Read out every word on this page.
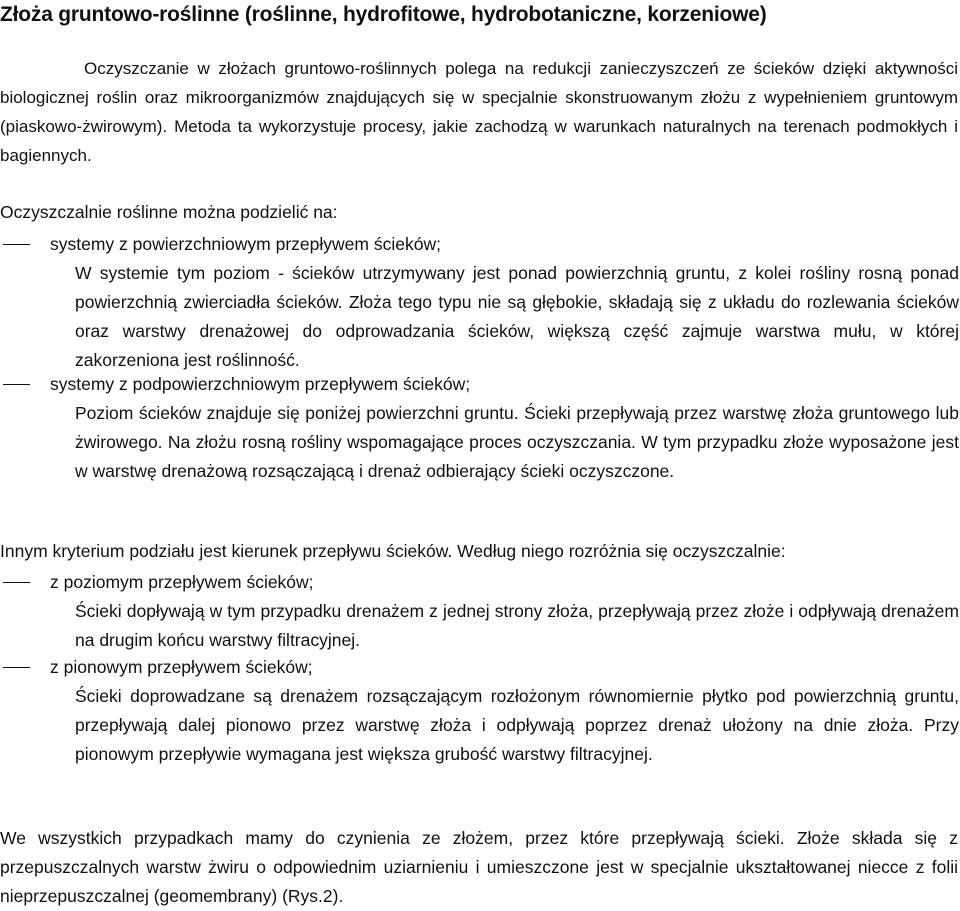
Złoża gruntowo-roślinne (roślinne, hydrofitowe, hydrobotaniczne, korzeniowe)

Oczyszczanie w złożach gruntowo-roślinnych polega na redukcji zanieczyszczeń ze ścieków dzięki aktywności biologicznej roślin oraz mikroorganizmów znajdujących się w specjalnie skonstruowanym złożu z wypełnieniem gruntowym (piaskowo-żwirowym). Metoda ta wykorzystuje procesy, jakie zachodzą w warunkach naturalnych na terenach podmokłych i bagiennych.

Oczyszczalnie roślinne można podzielić na:

systemy z powierzchniowym przepływem ścieków;

W systemie tym poziom - ścieków utrzymywany jest ponad powierzchnią gruntu, z kolei rośliny rosną ponad powierzchnią zwierciadła ścieków. Złoża tego typu nie są głębokie, składają się z układu do rozlewania ścieków oraz warstwy drenażowej do odprowadzania ścieków, większą część zajmuje warstwa mułu, w której zakorzeniona jest roślinność.

systemy z podpowierzchniowym przepływem ścieków;

Poziom ścieków znajduje się poniżej powierzchni gruntu. Ścieki przepływają przez warstwę złoża gruntowego lub żwirowego. Na złożu rosną rośliny wspomagające proces oczyszczania. W tym przypadku złoże wyposażone jest w warstwę drenażową rozsączającą i drenaż odbierający ścieki oczyszczone.

Innym kryterium podziału jest kierunek przepływu ścieków. Według niego rozróżnia się oczyszczalnie:

z poziomym przepływem ścieków;

Ścieki dopływają w tym przypadku drenażem z jednej strony złoża, przepływają przez złoże i odpływają drenażem na drugim końcu warstwy filtracyjnej.

z pionowym przepływem ścieków;

Ścieki doprowadzane są drenażem rozsączającym rozłożonym równomiernie płytko pod powierzchnią gruntu, przepływają dalej pionowo przez warstwę złoża i odpływają poprzez drenaż ułożony na dnie złoża. Przy pionowym przepływie wymagana jest większa grubość warstwy filtracyjnej.

We wszystkich przypadkach mamy do czynienia ze złożem, przez które przepływają ścieki. Złoże składa się z przepuszczalnych warstw żwiru o odpowiednim uziarnieniu i umieszczone jest w specjalnie ukształtowanej niecce z folii nieprzepuszczalnej (geomembrany) (Rys.2).
